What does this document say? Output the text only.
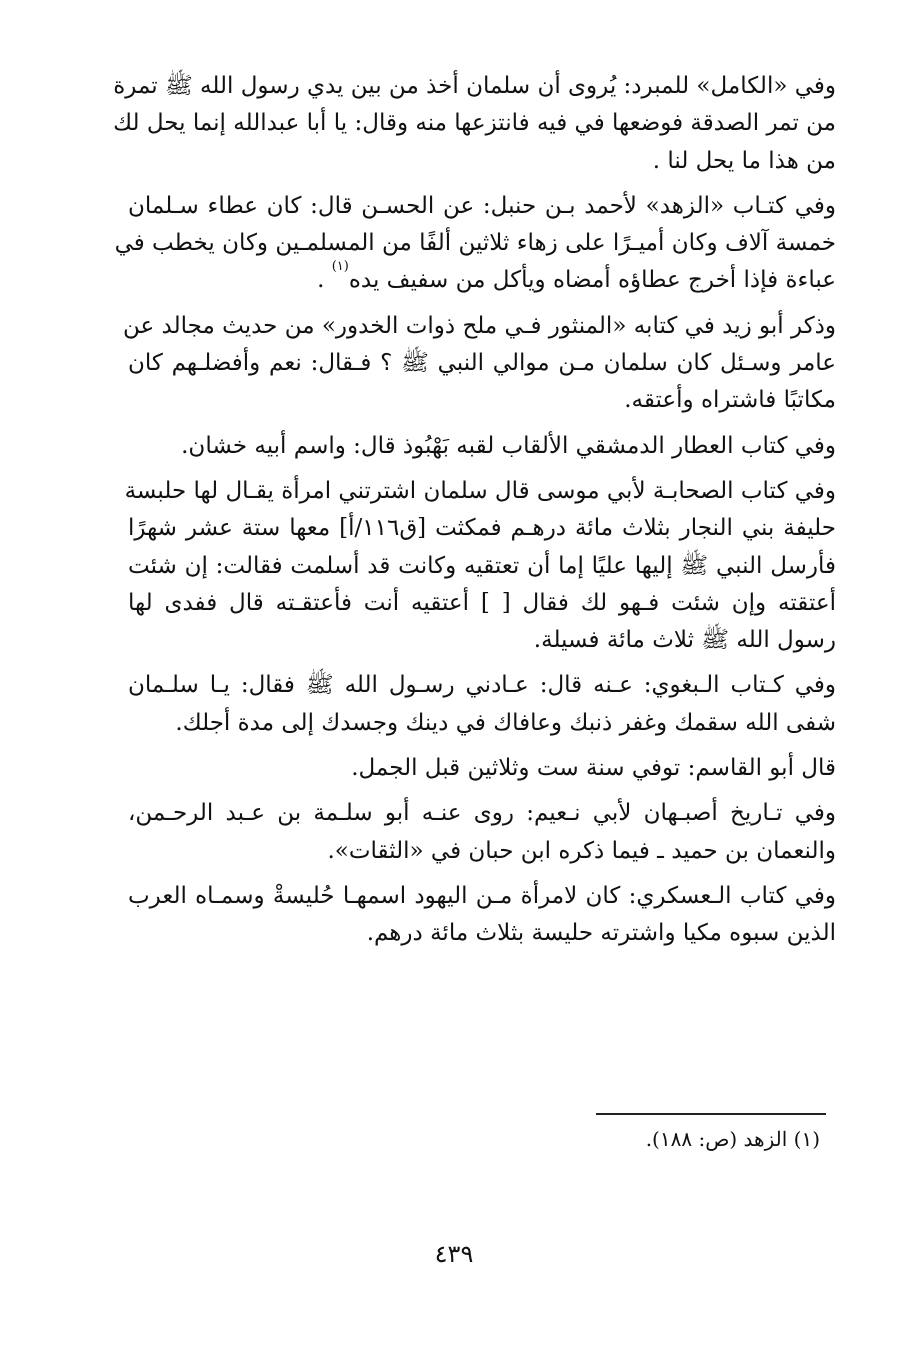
وفي «الكامل» للمبرد: يُروى أن سلمان أخذ من بين يدي رسول الله ﷺ تمرة
من تمر الصدقة فوضعها في فيه فانتزعها منه وقال: يا أبا عبدالله إنما يحل لك
من هذا ما يحل لنا .
وفي كتـاب «الزهد» لأحمد بـن حنبل: عن الحسـن قال: كان عطاء سـلمان
خمسة آلاف وكان أميـرًا على زهاء ثلاثين ألفًا من المسلمـين وكان يخطب في
عباءة فإذا أخرج عطاؤه أمضاه ويأكل من سفيف يده$^{(١)}$ .
وذكر أبو زيد في كتابه «المنثور فـي ملح ذوات الخدور» من حديث مجالد عن
عامر وسـئل كان سلمان مـن موالي النبي ﷺ ؟ فـقال: نعم وأفضلـهم كان
مكاتبًا فاشتراه وأعتقه.
وفي كتاب العطار الدمشقي الألقاب لقبه بَهْبُوذ قال: واسم أبيه خشان.
وفي كتاب الصحابـة لأبي موسى قال سلمان اشترتني امرأة يقـال لها حلبسة
حليفة بني النجار بثلاث مائة درهـم فمكثت [ق١١٦/أ] معها ستة عشر شهرًا
فأرسل النبي ﷺ إليها عليًا إما أن تعتقيه وكانت قد أسلمت فقالت: إن شئت
أعتقته وإن شئت فـهو لك فقال [ ] أعتقيه أنت فأعتقـته قال ففدى لها
رسول الله ﷺ ثلاث مائة فسيلة.
وفي كـتاب الـبغوي: عـنه قال: عـادني رسـول الله ﷺ فقال: يـا سلـمان
شفى الله سقمك وغفر ذنبك وعافاك في دينك وجسدك إلى مدة أجلك.
قال أبو القاسم: توفي سنة ست وثلاثين قبل الجمل.
وفي تـاريخ أصبـهان لأبي نـعيم: روى عنـه أبو سلـمة بن عـبد الرحـمن،
والنعمان بن حميد ـ فيما ذكره ابن حبان في «الثقات».
وفي كتاب الـعسكري: كان لامرأة مـن اليهود اسمهـا حُليسةْ وسمـاه العرب
الذين سبوه مكيا واشترته حليسة بثلاث مائة درهم.
(١) الزهد (ص: ١٨٨).
٤٣٩
